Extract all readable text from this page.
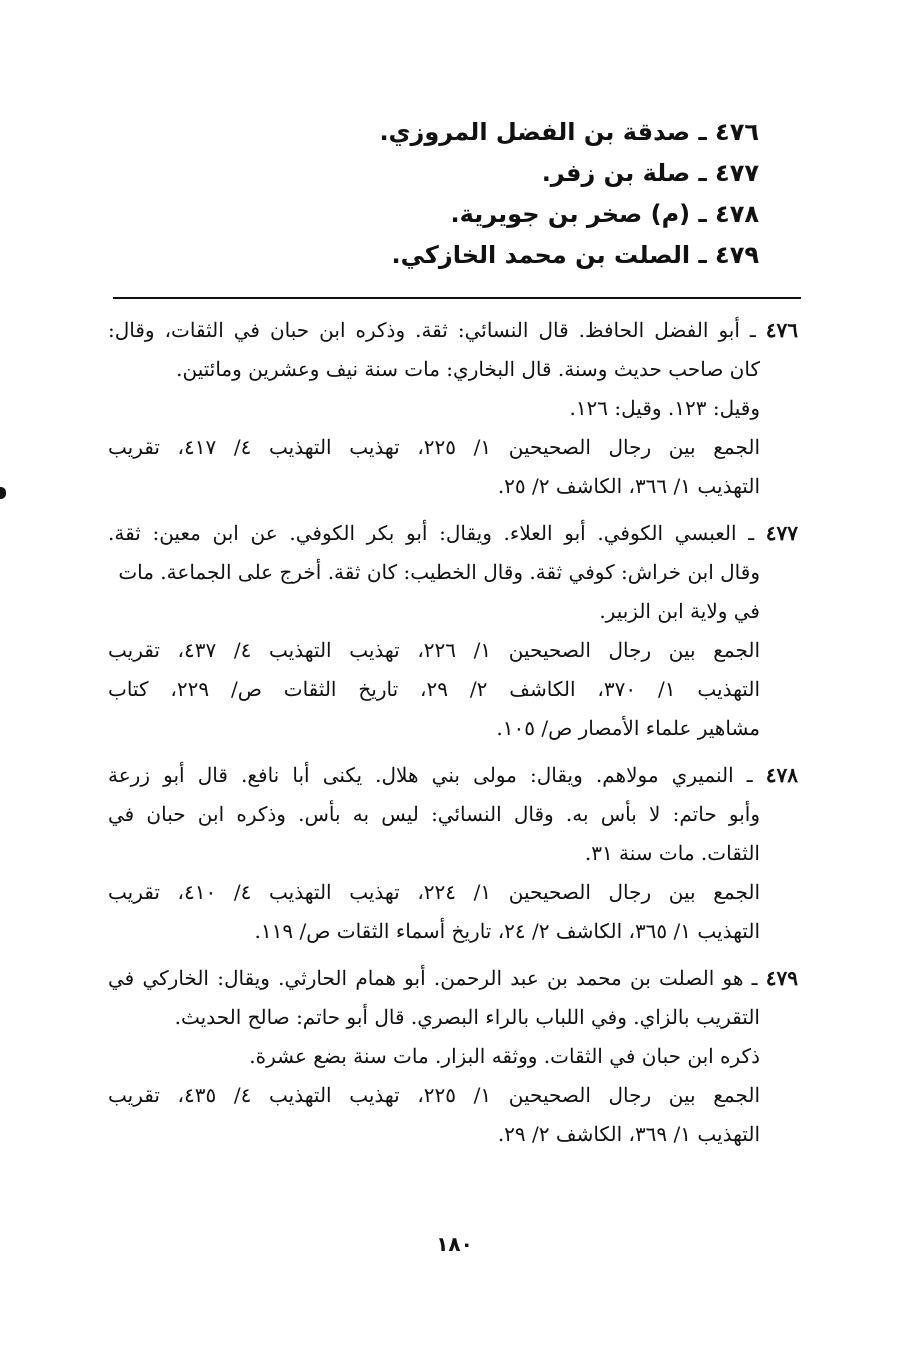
٤٧٦ ـ صدقة بن الفضل المروزي.
٤٧٧ ـ صلة بن زفر.
٤٧٨ ـ (م) صخر بن جويرية.
٤٧٩ ـ الصلت بن محمد الخازكي.
٤٧٦ ـ أبو الفضل الحافظ. قال النسائي: ثقة. وذكره ابن حبان في الثقات، وقال:
كان صاحب حديث وسنة. قال البخاري: مات سنة نيف وعشرين ومائتين.
وقيل: ١٢٣. وقيل: ١٢٦.
الجمع بين رجال الصحيحين ١/ ٢٢٥، تهذيب التهذيب ٤/ ٤١٧، تقريب
التهذيب ١/ ٣٦٦، الكاشف ٢/ ٢٥.
٤٧٧ ـ العبسي الكوفي. أبو العلاء. ويقال: أبو بكر الكوفي. عن ابن معين: ثقة.
وقال ابن خراش: كوفي ثقة. وقال الخطيب: كان ثقة. أخرج على الجماعة. مات
في ولاية ابن الزبير.
الجمع بين رجال الصحيحين ١/ ٢٢٦، تهذيب التهذيب ٤/ ٤٣٧، تقريب
التهذيب ١/ ٣٧٠، الكاشف ٢/ ٢٩، تاريخ الثقات ص/ ٢٢٩، كتاب
مشاهير علماء الأمصار ص/ ١٠٥.
٤٧٨ ـ النميري مولاهم. ويقال: مولى بني هلال. يكنى أبا نافع. قال أبو زرعة
وأبو حاتم: لا بأس به. وقال النسائي: ليس به بأس. وذكره ابن حبان في
الثقات. مات سنة ٣١.
الجمع بين رجال الصحيحين ١/ ٢٢٤، تهذيب التهذيب ٤/ ٤١٠، تقريب
التهذيب ١/ ٣٦٥، الكاشف ٢/ ٢٤، تاريخ أسماء الثقات ص/ ١١٩.
٤٧٩ ـ هو الصلت بن محمد بن عبد الرحمن. أبو همام الحارثي. ويقال: الخاركي في
التقريب بالزاي. وفي اللباب بالراء البصري. قال أبو حاتم: صالح الحديث.
ذكره ابن حبان في الثقات. ووثقه البزار. مات سنة بضع عشرة.
الجمع بين رجال الصحيحين ١/ ٢٢٥، تهذيب التهذيب ٤/ ٤٣٥، تقريب
التهذيب ١/ ٣٦٩، الكاشف ٢/ ٢٩.
١٨٠
